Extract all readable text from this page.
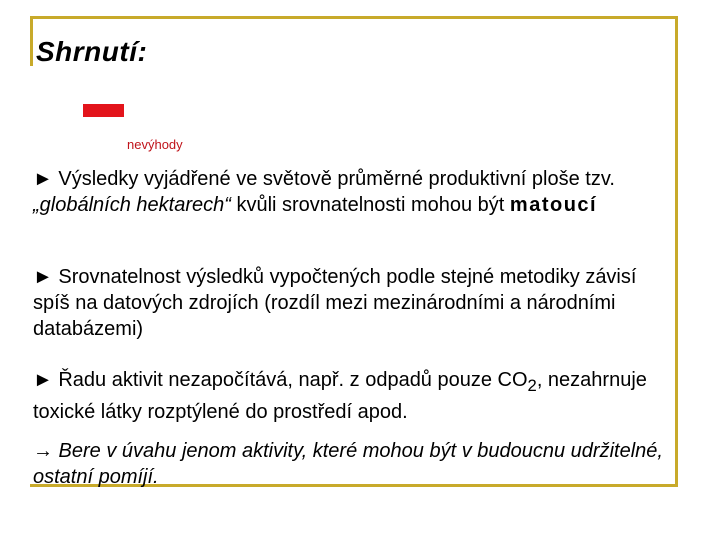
Shrnutí:
nevýhody
► Výsledky vyjádřené ve světově průměrné produktivní ploše tzv. „globálních hektarech“ kvůli srovnatelnosti mohou být matoucí
► Srovnatelnost výsledků vypočtených podle stejné metodiky závisí spíš na datových zdrojích (rozdíl mezi mezinárodními a národními databázemi)
► Řadu aktivit nezapočítává, např. z odpadů pouze $CO_2$, nezahrnuje toxické látky rozptýlené do prostředí apod.
→ Bere v úvahu jenom aktivity, které mohou být v budoucnu udržitelné, ostatní pomíjí.
